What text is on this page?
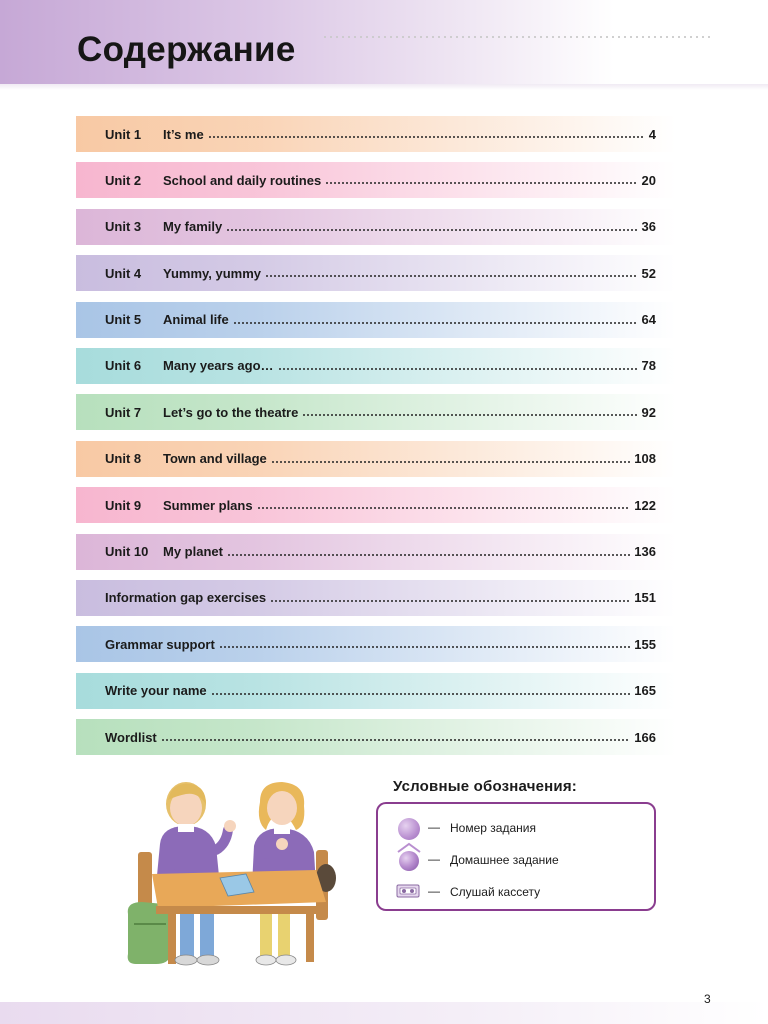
Содержание
Unit 1	It’s me	4
Unit 2	School and daily routines	20
Unit 3	My family	36
Unit 4	Yummy, yummy	52
Unit 5	Animal life	64
Unit 6	Many years ago…	78
Unit 7	Let’s go to the theatre	92
Unit 8	Town and village	108
Unit 9	Summer plans	122
Unit 10	My planet	136
Information gap exercises	151
Grammar support	155
Write your name	165
Wordlist	166
Условные обозначения:
— Номер задания
— Домашнее задание
— Слушай кассету
3
